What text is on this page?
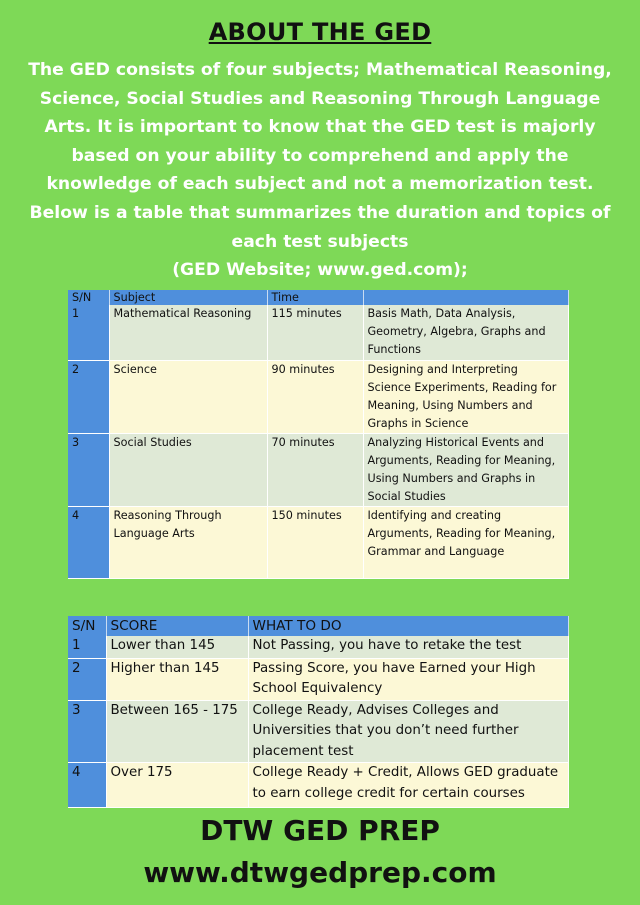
ABOUT THE GED
The GED consists of four subjects; Mathematical Reasoning, Science, Social Studies and Reasoning Through Language Arts. It is important to know that the GED test is majorly based on your ability to comprehend and apply the knowledge of each subject and not a memorization test. Below is a table that summarizes the duration and topics of each test subjects
(GED Website; www.ged.com);
S/N	Subject	Time	
1	Mathematical Reasoning	115 minutes	Basis Math, Data Analysis, Geometry, Algebra, Graphs and Functions
2	Science	90 minutes	Designing and Interpreting Science Experiments, Reading for Meaning, Using Numbers and Graphs in Science
3	Social Studies	70 minutes	Analyzing Historical Events and Arguments, Reading for Meaning, Using Numbers and Graphs in Social Studies
4	Reasoning Through Language Arts	150 minutes	Identifying and creating Arguments, Reading for Meaning, Grammar and Language
S/N	SCORE	WHAT TO DO
1	Lower than 145	Not Passing, you have to retake the test
2	Higher than 145	Passing Score, you have Earned your High School Equivalency
3	Between 165 - 175	College Ready, Advises Colleges and Universities that you don’t need further placement test
4	Over 175	College Ready + Credit, Allows GED graduate to earn college credit for certain courses
DTW GED PREP
www.dtwgedprep.com
